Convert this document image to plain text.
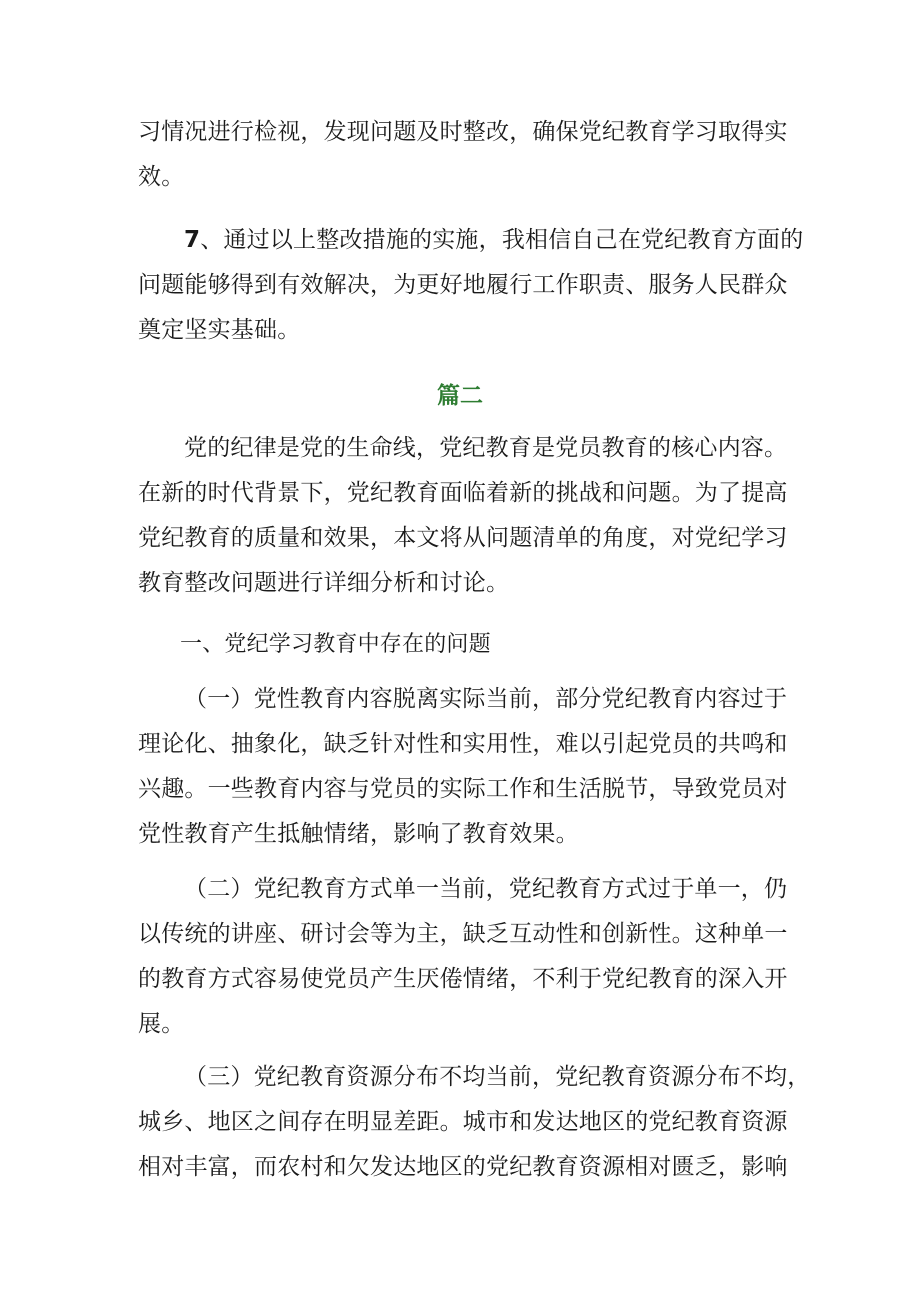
习情况进行检视，发现问题及时整改，确保党纪教育学习取得实
效。
7、通过以上整改措施的实施，我相信自己在党纪教育方面的
问题能够得到有效解决，为更好地履行工作职责、服务人民群众
奠定坚实基础。
篇二
党的纪律是党的生命线，党纪教育是党员教育的核心内容。
在新的时代背景下，党纪教育面临着新的挑战和问题。为了提高
党纪教育的质量和效果，本文将从问题清单的角度，对党纪学习
教育整改问题进行详细分析和讨论。
一、党纪学习教育中存在的问题
（一）党性教育内容脱离实际当前，部分党纪教育内容过于
理论化、抽象化，缺乏针对性和实用性，难以引起党员的共鸣和
兴趣。一些教育内容与党员的实际工作和生活脱节，导致党员对
党性教育产生抵触情绪，影响了教育效果。
（二）党纪教育方式单一当前，党纪教育方式过于单一，仍
以传统的讲座、研讨会等为主，缺乏互动性和创新性。这种单一
的教育方式容易使党员产生厌倦情绪，不利于党纪教育的深入开
展。
（三）党纪教育资源分布不均当前，党纪教育资源分布不均，
城乡、地区之间存在明显差距。城市和发达地区的党纪教育资源
相对丰富，而农村和欠发达地区的党纪教育资源相对匮乏，影响
